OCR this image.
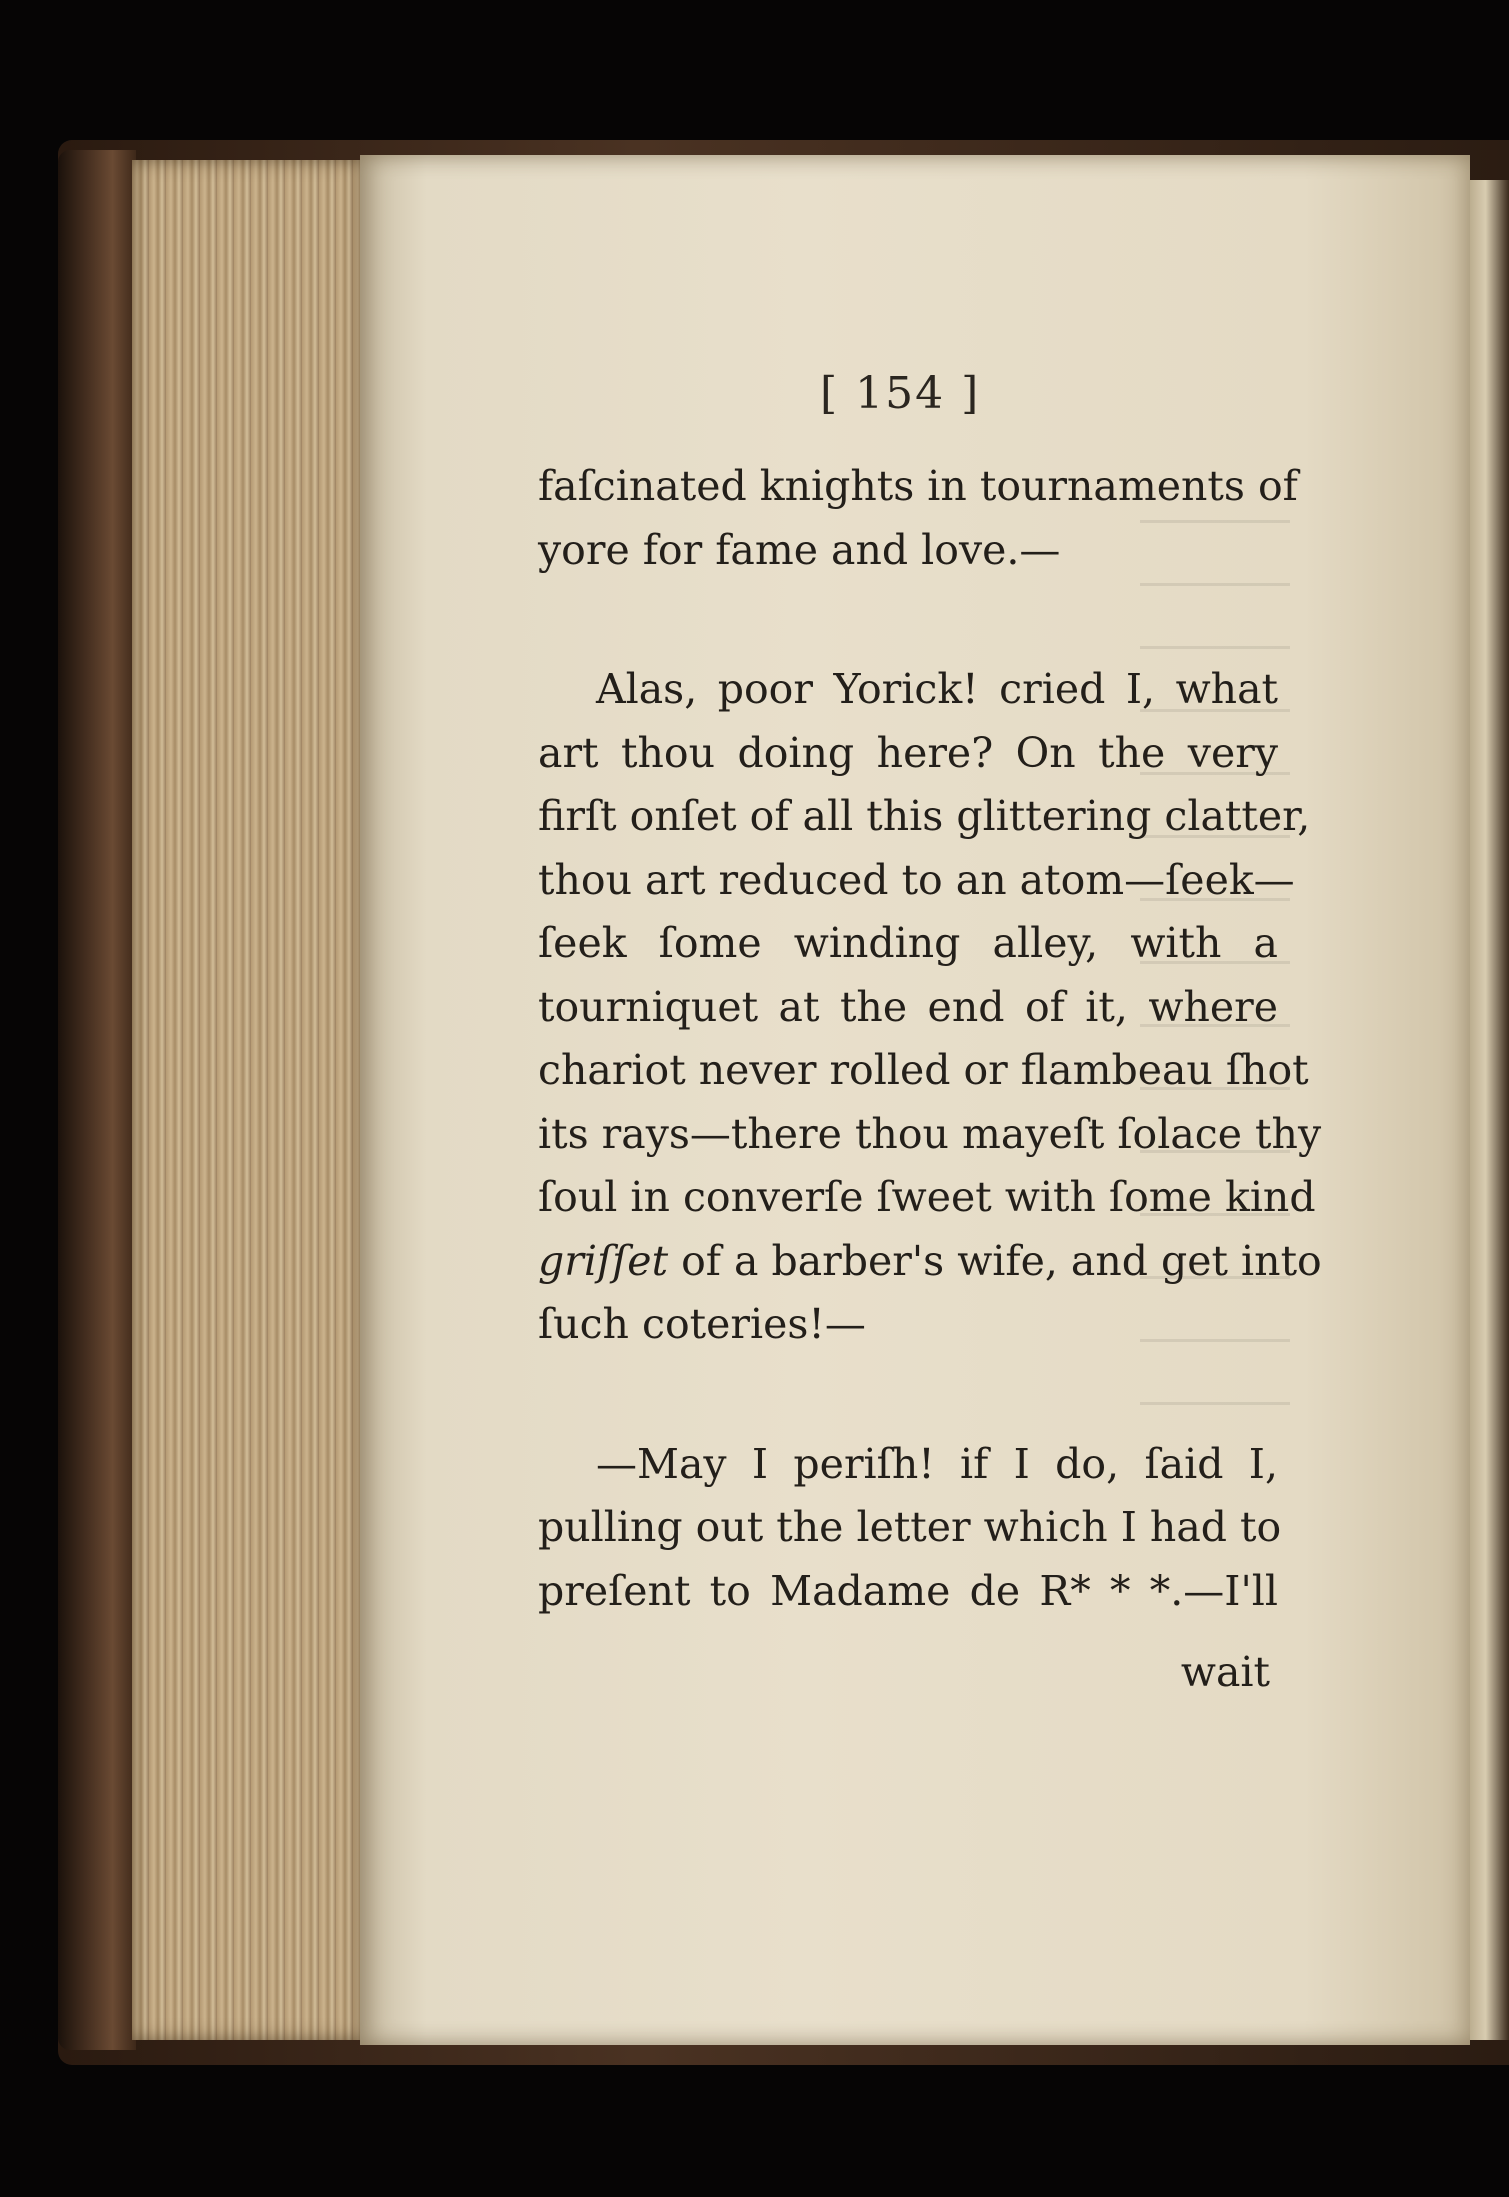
[ 154 ]
faſcinated knights in tournaments of
yore for fame and love.—
Alas, poor Yorick! cried I, what
art thou doing here? On the very
firſt onſet of all this glittering clatter,
thou art reduced to an atom—ſeek—
ſeek ſome winding alley, with a
tourniquet at the end of it, where
chariot never rolled or flambeau ſhot
its rays—there thou mayeſt ſolace thy
ſoul in converſe ſweet with ſome kind
griſſet of a barber's wife, and get into
ſuch coteries!—
—May I periſh! if I do, ſaid I,
pulling out the letter which I had to
preſent to Madame de R* * *.—I'll
wait
